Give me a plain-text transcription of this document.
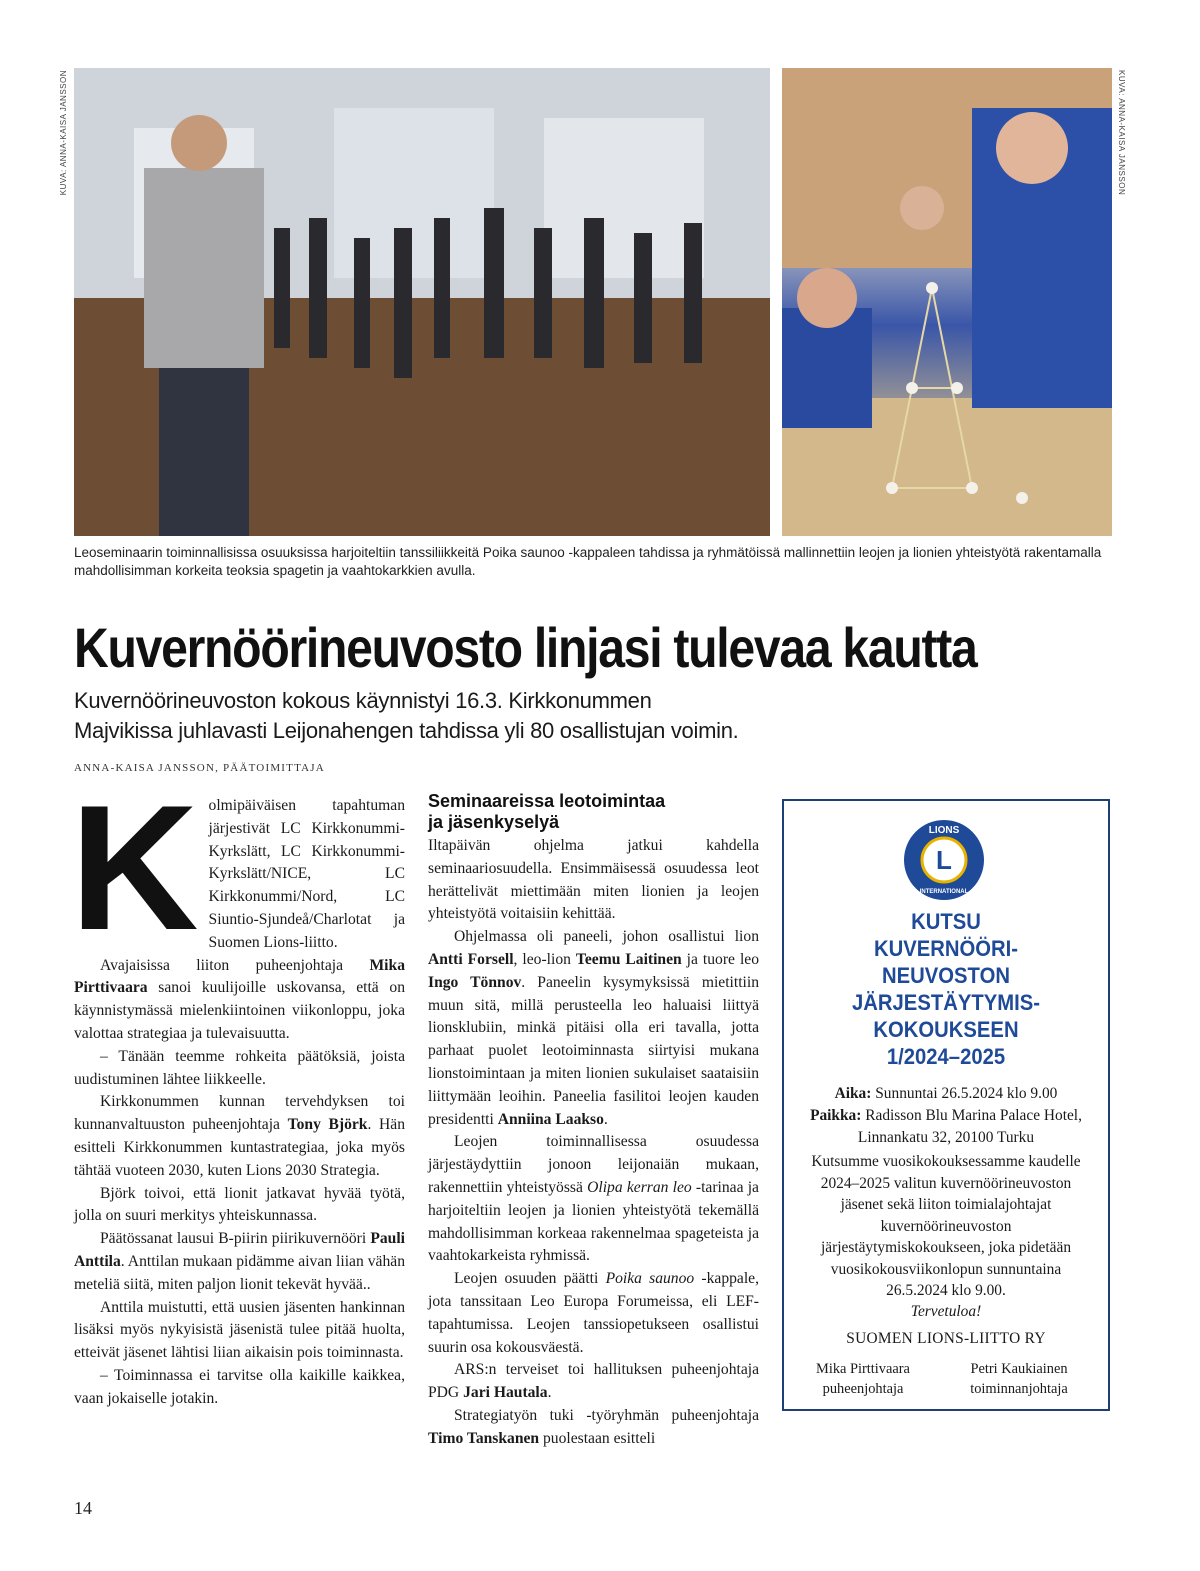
KUVA: ANNA-KAISA JANSSON	KUVA: ANNA-KAISA JANSSON
Leoseminaarin toiminnallisissa osuuksissa harjoiteltiin tanssiliikkeitä Poika saunoo -kappaleen tahdissa ja ryhmätöissä mallinnettiin leojen ja lionien yhteistyötä rakentamalla mahdollisimman korkeita teoksia spagetin ja vaahtokarkkien avulla.
Kuvernöörineuvosto linjasi tulevaa kautta
Kuvernöörineuvoston kokous käynnistyi 16.3. Kirkkonummen
Majvikissa juhlavasti Leijonahengen tahdissa yli 80 osallistujan voimin.
ANNA-KAISA JANSSON, PÄÄTOIMITTAJA

Kolmipäiväisen tapahtuman järjestivät LC Kirkkonummi-Kyrkslätt, LC Kirkkonummi-Kyrkslätt/NICE, LC Kirkkonummi/Nord, LC Siuntio-Sjundeå/Charlotat ja Suomen Lions-liitto.

Avajaisissa liiton puheenjohtaja Mika Pirttivaara sanoi kuulijoille uskovansa, että on käynnistymässä mielenkiintoinen viikonloppu, joka valottaa strategiaa ja tulevaisuutta.

– Tänään teemme rohkeita päätöksiä, joista uudistuminen lähtee liikkeelle.

Kirkkonummen kunnan tervehdyksen toi kunnanvaltuuston puheenjohtaja Tony Björk. Hän esitteli Kirkkonummen kuntastrategiaa, joka myös tähtää vuoteen 2030, kuten Lions 2030 Strategia.

Björk toivoi, että lionit jatkavat hyvää työtä, jolla on suuri merkitys yhteiskunnassa.

Päätössanat lausui B-piirin piirikuvernööri Pauli Anttila. Anttilan mukaan pidämme aivan liian vähän meteliä siitä, miten paljon lionit tekevät hyvää..

Anttila muistutti, että uusien jäsenten hankinnan lisäksi myös nykyisistä jäsenistä tulee pitää huolta, etteivät jäsenet lähtisi liian aikaisin pois toiminnasta.

– Toiminnassa ei tarvitse olla kaikille kaikkea, vaan jokaiselle jotakin.

Seminaareissa leotoimintaa
ja jäsenkyselyä

Iltapäivän ohjelma jatkui kahdella seminaariosuudella. Ensimmäisessä osuudessa leot herättelivät miettimään miten lionien ja leojen yhteistyötä voitaisiin kehittää.

Ohjelmassa oli paneeli, johon osallistui lion Antti Forsell, leo-lion Teemu Laitinen ja tuore leo Ingo Tönnov. Paneelin kysymyksissä mietittiin muun sitä, millä perusteella leo haluaisi liittyä lionsklubiin, minkä pitäisi olla eri tavalla, jotta parhaat puolet leotoiminnasta siirtyisi mukana lionstoimintaan ja miten lionien sukulaiset saataisiin liittymään leoihin. Paneelia fasilitoi leojen kauden presidentti Anniina Laakso.

Leojen toiminnallisessa osuudessa järjestäydyttiin jonoon leijonaiän mukaan, rakennettiin yhteistyössä Olipa kerran leo -tarinaa ja harjoiteltiin leojen ja lionien yhteistyötä tekemällä mahdollisimman korkeaa rakennelmaa spageteista ja vaahtokarkeista ryhmissä.

Leojen osuuden päätti Poika saunoo -kappale, jota tanssitaan Leo Europa Forumeissa, eli LEF-tapahtumissa. Leojen tanssiopetukseen osallistui suurin osa kokousväestä.

ARS:n terveiset toi hallituksen puheenjohtaja PDG Jari Hautala.

Strategiatyön tuki -työryhmän puheenjohtaja Timo Tanskanen puolestaan esitteli

L
LIONS
INTERNATIONAL
KUTSU
KUVERNÖÖRI-
NEUVOSTON
JÄRJESTÄYTYMIS-
KOKOUKSEEN
1/2024–2025
Aika: Sunnuntai 26.5.2024 klo 9.00
Paikka: Radisson Blu Marina Palace Hotel,
Linnankatu 32, 20100 Turku
Kutsumme vuosikokouksessamme kaudelle 2024–2025 valitun kuvernöörineuvoston jäsenet sekä liiton toimialajohtajat kuvernöörineuvoston järjestäytymiskokoukseen, joka pidetään vuosikokousviikonlopun sunnuntaina 26.5.2024 klo 9.00.
Tervetuloa!
SUOMEN LIONS-LIITTO RY
Mika Pirttivaara
puheenjohtaja
Petri Kaukiainen
toiminnanjohtaja
14
